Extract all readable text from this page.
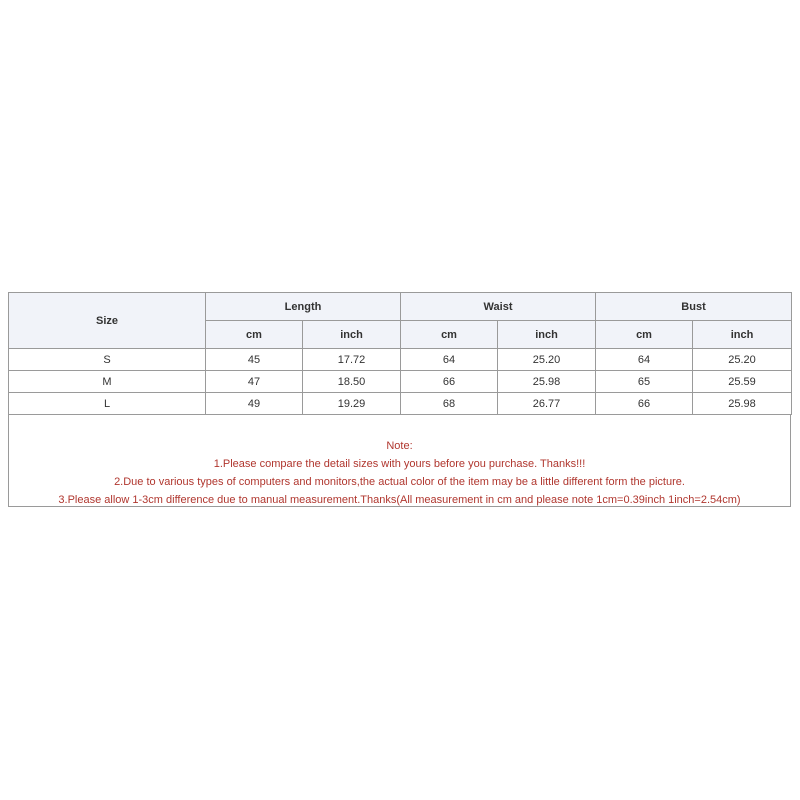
Size	Length		Waist		Bust	
	cm	inch	cm	inch	cm	inch
S	45	17.72	64	25.20	64	25.20
M	47	18.50	66	25.98	65	25.59
L	49	19.29	68	26.77	66	25.98
Note:
1.Please compare the detail sizes with yours before you purchase. Thanks!!!
2.Due to various types of computers and monitors,the actual color of the item may be a little different form the picture.
3.Please allow 1-3cm difference due to manual measurement.Thanks(All measurement in cm and please note 1cm=0.39inch 1inch=2.54cm)
